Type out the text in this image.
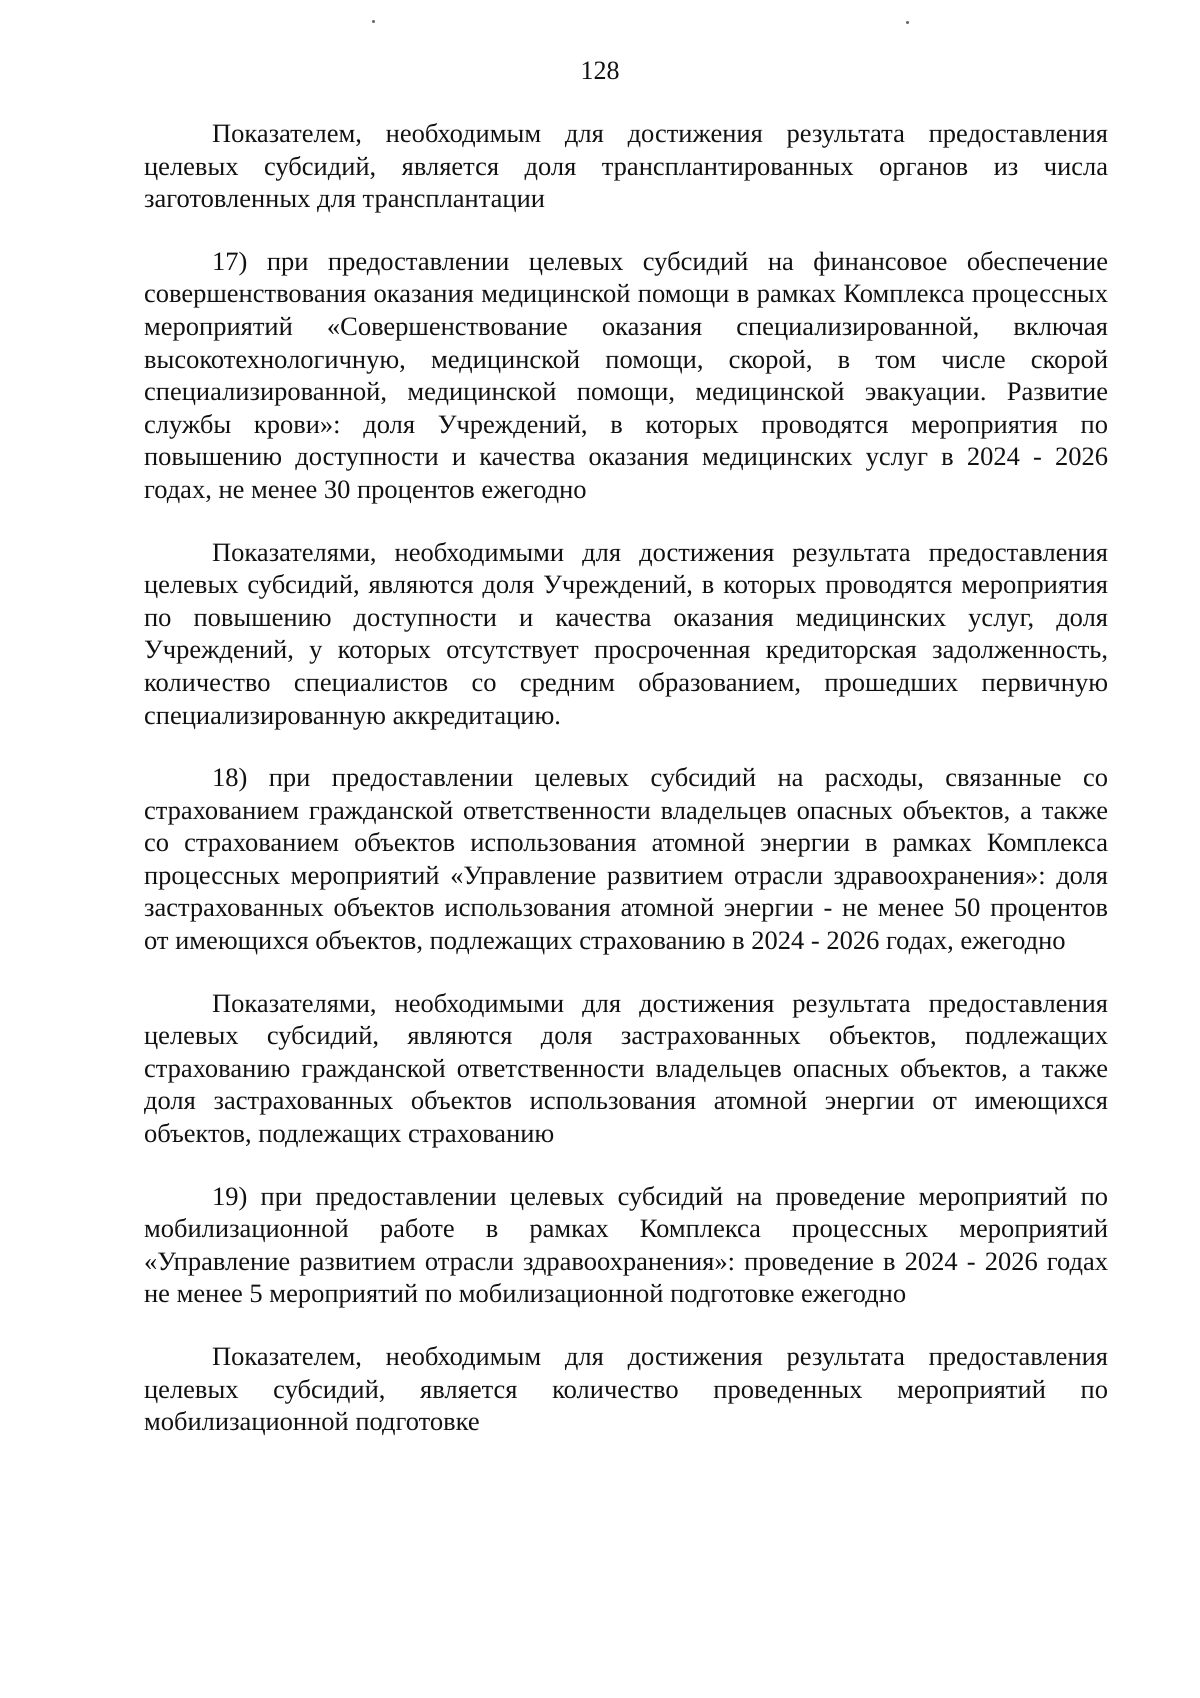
128

Показателем, необходимым для достижения результата предоставления целевых субсидий, является доля трансплантированных органов из числа заготовленных для трансплантации

17) при предоставлении целевых субсидий на финансовое обеспечение совершенствования оказания медицинской помощи в рамках Комплекса процессных мероприятий «Совершенствование оказания специализированной, включая высокотехнологичную, медицинской помощи, скорой, в том числе скорой специализированной, медицинской помощи, медицинской эвакуации. Развитие службы крови»: доля Учреждений, в которых проводятся мероприятия по повышению доступности и качества оказания медицинских услуг в 2024 - 2026 годах, не менее 30 процентов ежегодно

Показателями, необходимыми для достижения результата предоставления целевых субсидий, являются доля Учреждений, в которых проводятся мероприятия по повышению доступности и качества оказания медицинских услуг, доля Учреждений, у которых отсутствует просроченная кредиторская задолженность, количество специалистов со средним образованием, прошедших первичную специализированную аккредитацию.

18) при предоставлении целевых субсидий на расходы, связанные со страхованием гражданской ответственности владельцев опасных объектов, а также со страхованием объектов использования атомной энергии в рамках Комплекса процессных мероприятий «Управление развитием отрасли здравоохранения»: доля застрахованных объектов использования атомной энергии - не менее 50 процентов от имеющихся объектов, подлежащих страхованию в 2024 - 2026 годах, ежегодно

Показателями, необходимыми для достижения результата предоставления целевых субсидий, являются доля застрахованных объектов, подлежащих страхованию гражданской ответственности владельцев опасных объектов, а также доля застрахованных объектов использования атомной энергии от имеющихся объектов, подлежащих страхованию

19) при предоставлении целевых субсидий на проведение мероприятий по мобилизационной работе в рамках Комплекса процессных мероприятий «Управление развитием отрасли здравоохранения»: проведение в 2024 - 2026 годах не менее 5 мероприятий по мобилизационной подготовке ежегодно

Показателем, необходимым для достижения результата предоставления целевых субсидий, является количество проведенных мероприятий по мобилизационной подготовке
